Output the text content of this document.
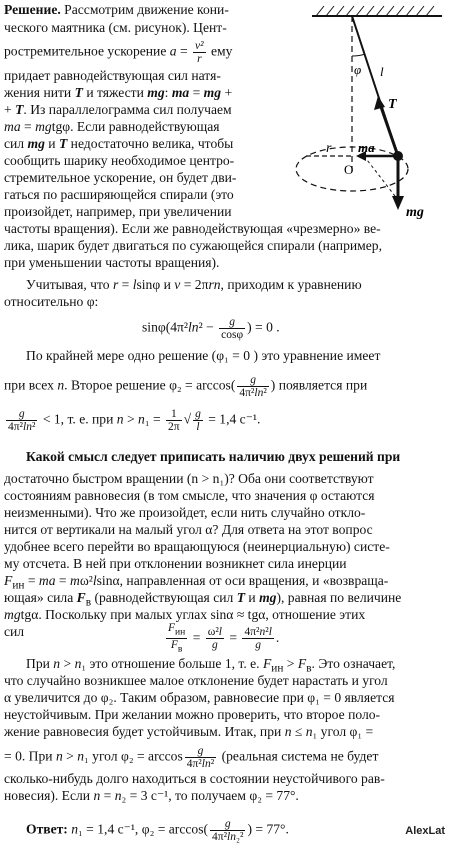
Решение. Рассмотрим движение кони-
ческого маятника (см. рисунок). Цент-
ростремительное ускорение $a = \frac{\text{v²}}{r}$ ему
придает равнодействующая сил натя-
жения нити T и тяжести mg: ma = mg +
+ T. Из параллелограмма сил получаем
ma = mgtgφ. Если равнодействующая
сил mg и T недостаточно велика, чтобы
сообщить шарику необходимое центро-
стремительное ускорение, он будет дви-
гаться по расширяющейся спирали (это
произойдет, например, при увеличении
частоты вращения). Если же равнодействующая «чрезмерно» ве-
лика, шарик будет двигаться по сужающейся спирали (например,
при уменьшении частоты вращения).
Учитывая, что r = lsinφ и v = 2πrn, приходим к уравнению
относительно φ:
$\sin\varphi(4\pi^2\ln^2 - \frac{g}{\cos\varphi}$ ) = 0 .
По крайней мере одно решение (φ₁ = 0 ) это уравнение имеет
при всех n. Второе решение $\varphi_2 = \arccos( \frac{g}{\text{4π²ln²}}$ ) появляется при
$\frac{g}{\text{4π²ln²}} < 1$, т. е. при $n > n_1 = \frac{1}{2\pi}$ √ $\frac{g}{l} = 1,4$ с⁻¹.
Какой смысл следует приписать наличию двух решений при
достаточно быстром вращении (n > n₁)? Оба они соответствуют
состояниям равновесия (в том смысле, что значения φ остаются
неизменными). Что же произойдет, если нить случайно откло-
нится от вертикали на малый угол α? Для ответа на этот вопрос
удобнее всего перейти во вращающуюся (неинерциальную) систе-
му отсчета. В ней при отклонении возникнет сила инерции
$F_{ин}$ = ma = mω²lsinα, направленная от оси вращения, и «возвраща-
ющая» сила $F_в$ (равнодействующая сил T и mg), равная по величине
mgtgα. Поскольку при малых углах sinα ≈ tgα, отношение этих
сил	$\frac{F_{ин}}{F_в} = \frac{\text{ω²l}}{g} = \frac{\text{4π²n²l}}{g}$ .
При n > n₁ это отношение больше 1, т. е. $F_{ин} > F_в$. Это означает,
что случайно возникшее малое отклонение будет нарастать и угол
α увеличится до φ₂. Таким образом, равновесие при φ₁ = 0 является
неустойчивым. При желании можно проверить, что второе поло-
жение равновесия будет устойчивым. Итак, при n ≤ n₁ угол φ₁ =
= 0. При n > n₁ угол $\varphi_2 = \arccos \frac{g}{\text{4π²ln²}}$ (реальная система не будет
сколько-нибудь долго находиться в состоянии неустойчивого рав-
новесия). Если n = n₂ = 3 с⁻¹, то получаем φ₂ = 77°.
Ответ: n₁ = 1,4 с⁻¹, $\varphi_2 = \arccos( \frac{g}{\text{4π²ln₂²}}$ ) = 77°.	AlexLat
φ l
T
r ma
O
mg
